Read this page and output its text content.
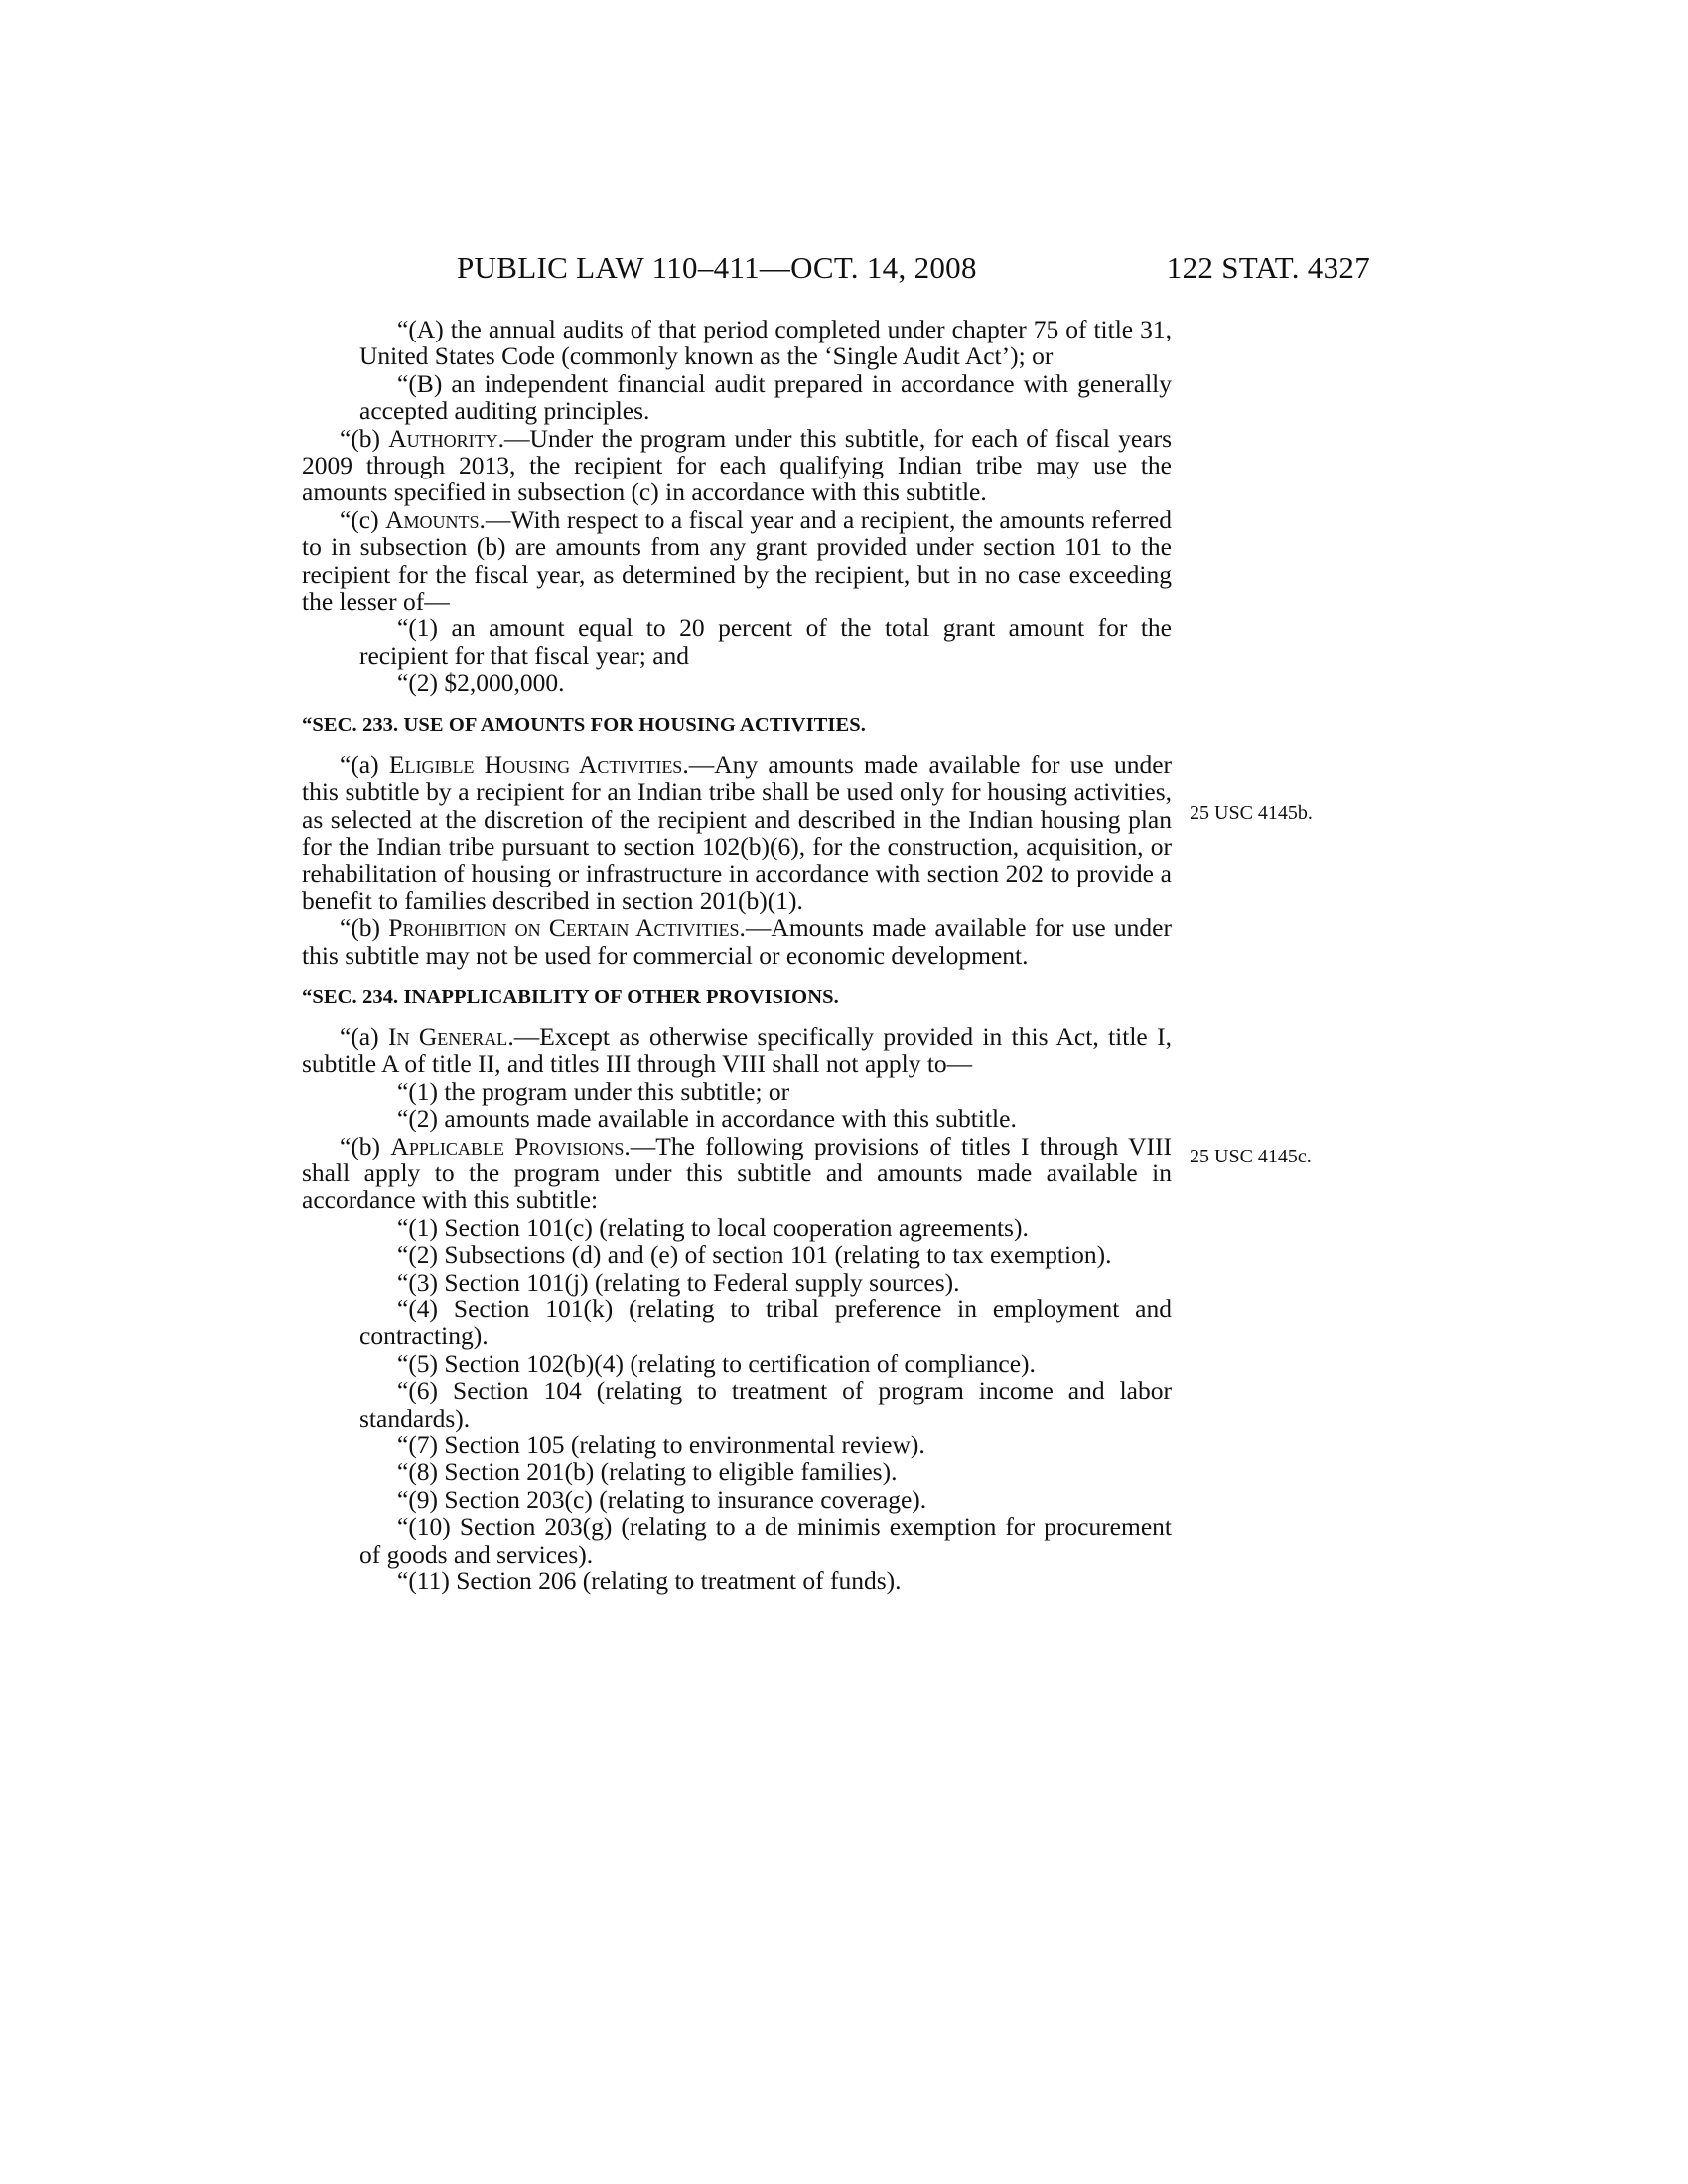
PUBLIC LAW 110–411—OCT. 14, 2008	122 STAT. 4327
25 USC 4145b.
25 USC 4145c.

“(A) the annual audits of that period completed under chapter 75 of title 31, United States Code (commonly known as the ‘Single Audit Act’); or

“(B) an independent financial audit prepared in accordance with generally accepted auditing principles.

“(b) Authority.—Under the program under this subtitle, for each of fiscal years 2009 through 2013, the recipient for each qualifying Indian tribe may use the amounts specified in subsection (c) in accordance with this subtitle.

“(c) Amounts.—With respect to a fiscal year and a recipient, the amounts referred to in subsection (b) are amounts from any grant provided under section 101 to the recipient for the fiscal year, as determined by the recipient, but in no case exceeding the lesser of—

“(1) an amount equal to 20 percent of the total grant amount for the recipient for that fiscal year; and

“(2) $2,000,000.

“SEC. 233. USE OF AMOUNTS FOR HOUSING ACTIVITIES.

“(a) Eligible Housing Activities.—Any amounts made available for use under this subtitle by a recipient for an Indian tribe shall be used only for housing activities, as selected at the discretion of the recipient and described in the Indian housing plan for the Indian tribe pursuant to section 102(b)(6), for the construction, acquisition, or rehabilitation of housing or infrastructure in accordance with section 202 to provide a benefit to families described in section 201(b)(1).

“(b) Prohibition on Certain Activities.—Amounts made available for use under this subtitle may not be used for commercial or economic development.

“SEC. 234. INAPPLICABILITY OF OTHER PROVISIONS.

“(a) In General.—Except as otherwise specifically provided in this Act, title I, subtitle A of title II, and titles III through VIII shall not apply to—

“(1) the program under this subtitle; or

“(2) amounts made available in accordance with this subtitle.

“(b) Applicable Provisions.—The following provisions of titles I through VIII shall apply to the program under this subtitle and amounts made available in accordance with this subtitle:

“(1) Section 101(c) (relating to local cooperation agreements).

“(2) Subsections (d) and (e) of section 101 (relating to tax exemption).

“(3) Section 101(j) (relating to Federal supply sources).

“(4) Section 101(k) (relating to tribal preference in employment and contracting).

“(5) Section 102(b)(4) (relating to certification of compliance).

“(6) Section 104 (relating to treatment of program income and labor standards).

“(7) Section 105 (relating to environmental review).

“(8) Section 201(b) (relating to eligible families).

“(9) Section 203(c) (relating to insurance coverage).

“(10) Section 203(g) (relating to a de minimis exemption for procurement of goods and services).

“(11) Section 206 (relating to treatment of funds).
